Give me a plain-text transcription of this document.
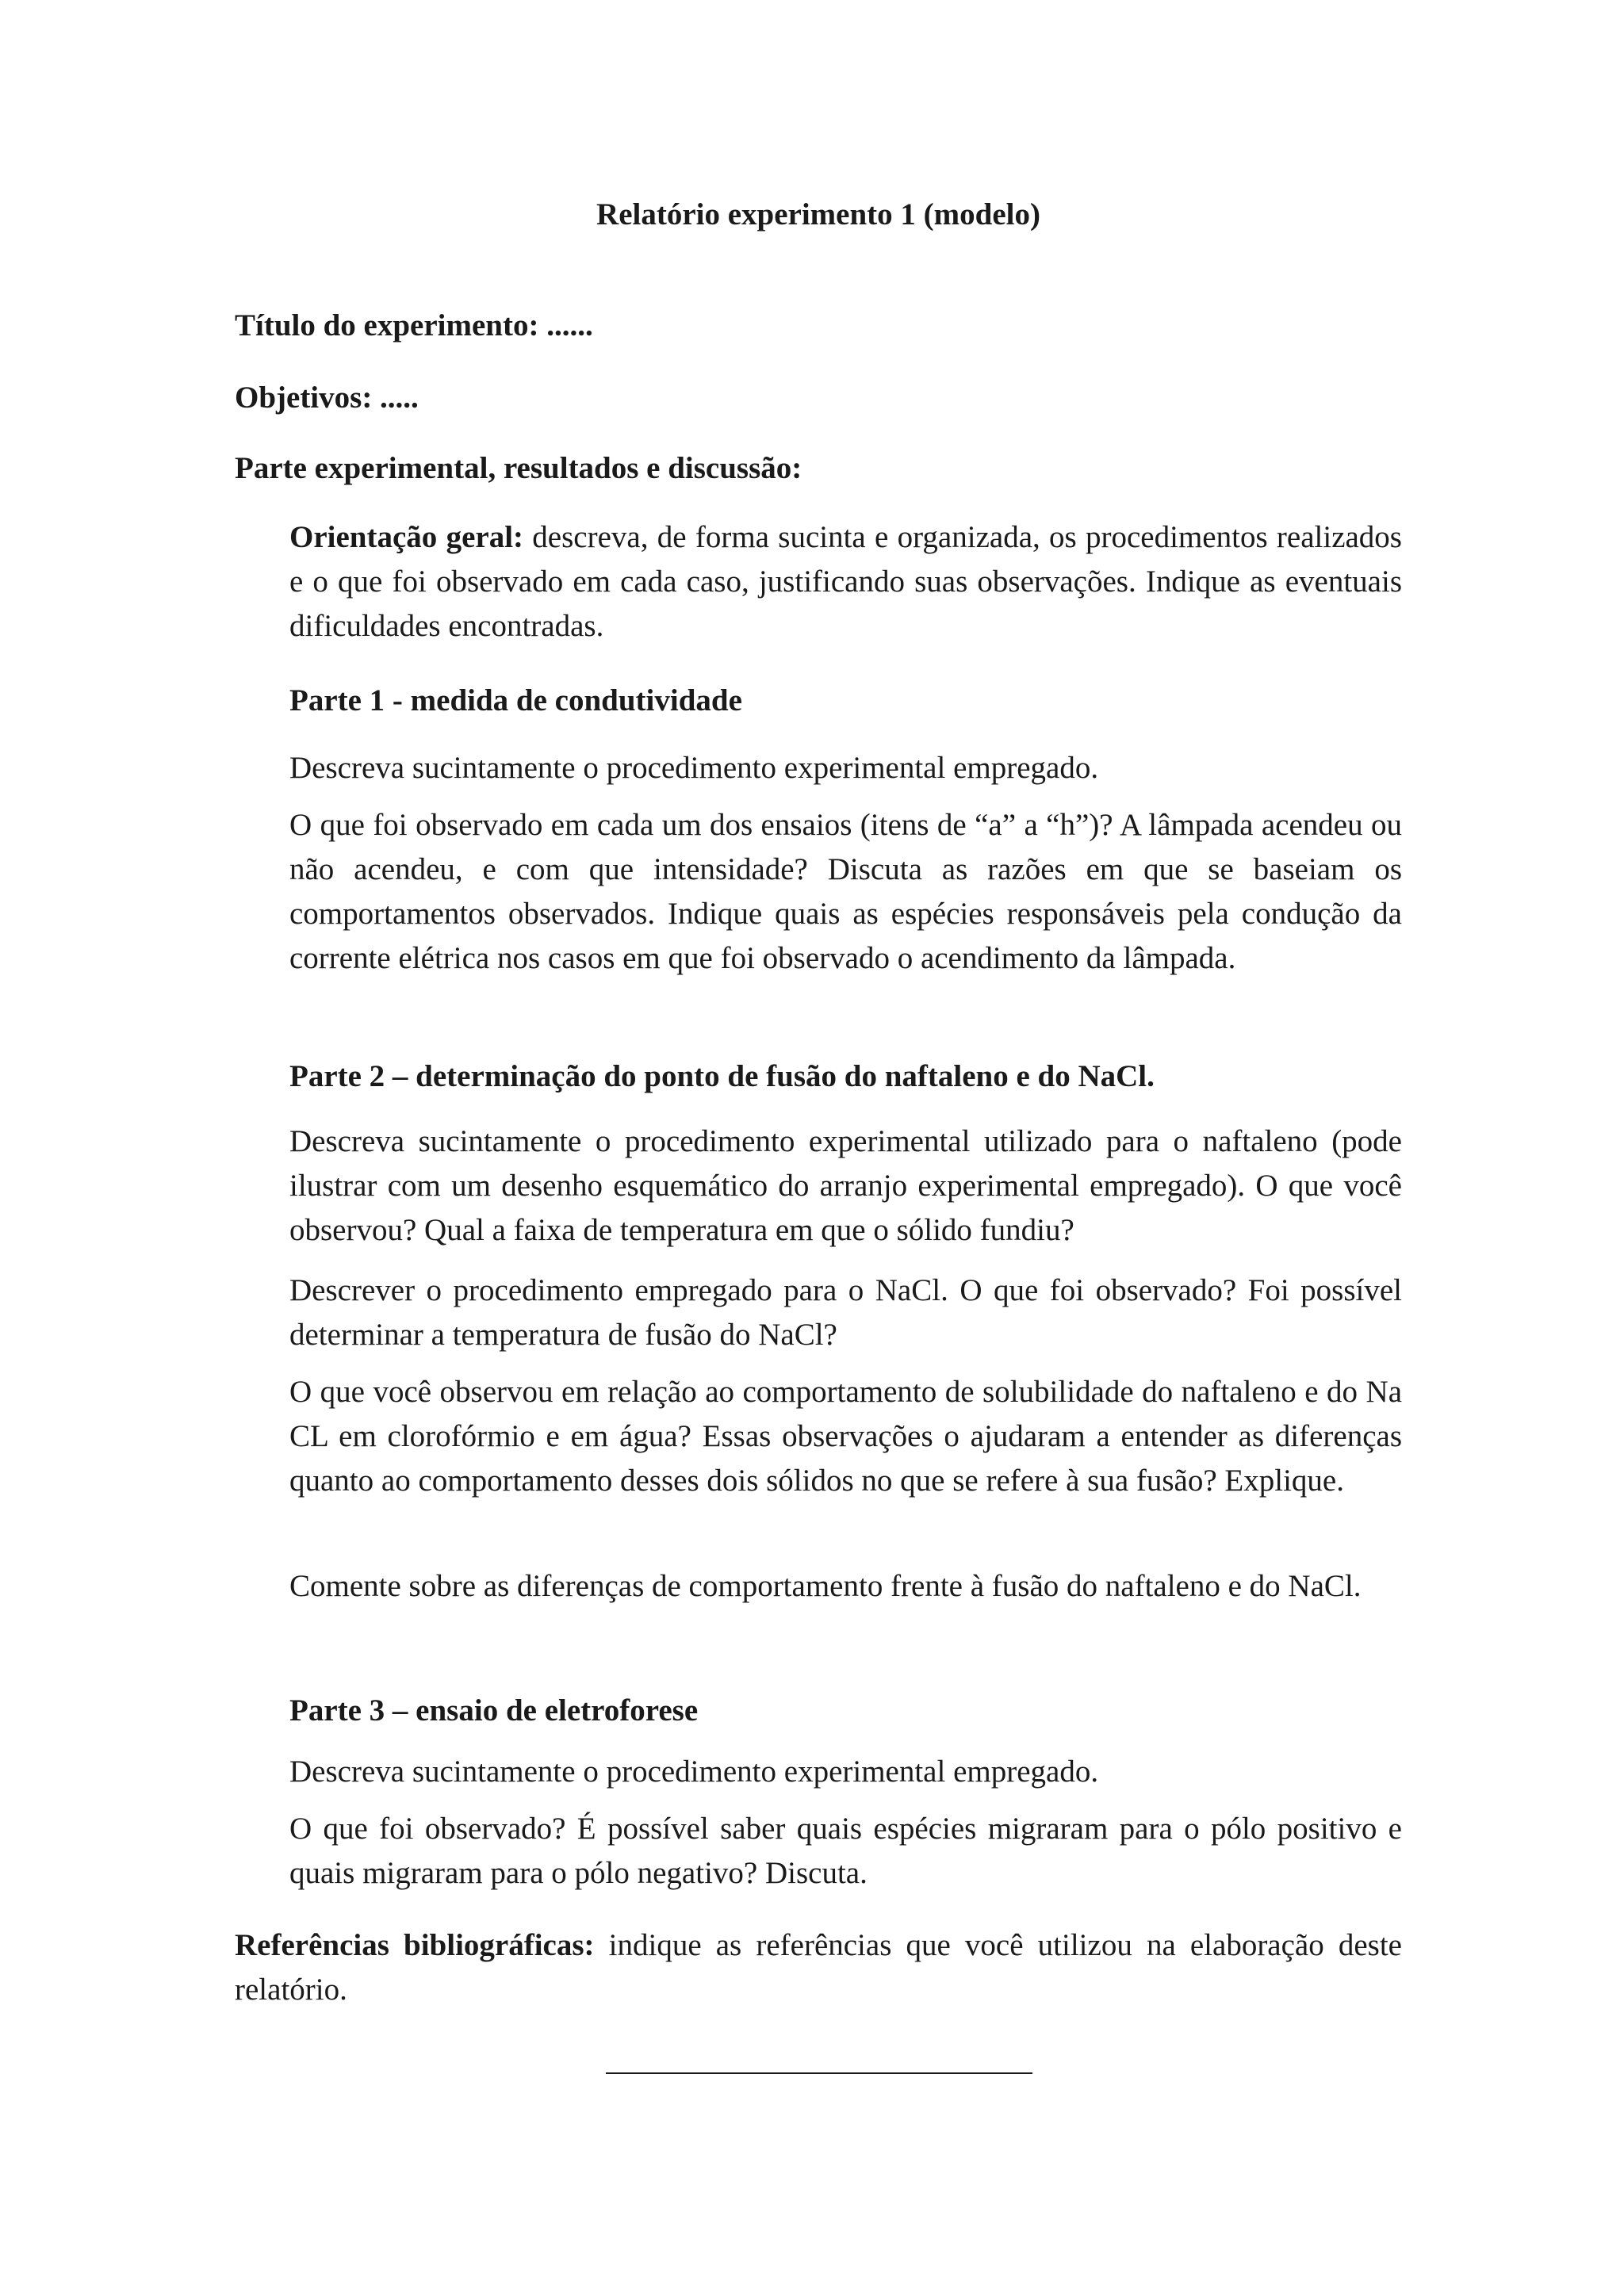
Relatório experimento 1 (modelo)

Título do experimento: ......

Objetivos: .....

Parte experimental, resultados e discussão:

Orientação geral: descreva, de forma sucinta e organizada, os procedimentos realizados e o que foi observado em cada caso, justificando suas observações. Indique as eventuais dificuldades encontradas.

Parte 1 - medida de condutividade

Descreva sucintamente o procedimento experimental empregado.

O que foi observado em cada um dos ensaios (itens de “a” a “h”)? A lâmpada acendeu ou não acendeu, e com que intensidade? Discuta as razões em que se baseiam os comportamentos observados. Indique quais as espécies responsáveis pela condução da corrente elétrica nos casos em que foi observado o acendimento da lâmpada.

Parte 2 – determinação do ponto de fusão do naftaleno e do NaCl.

Descreva sucintamente o procedimento experimental utilizado para o naftaleno (pode ilustrar com um desenho esquemático do arranjo experimental empregado). O que você observou? Qual a faixa de temperatura em que o sólido fundiu?

Descrever o procedimento empregado para o NaCl. O que foi observado? Foi possível determinar a temperatura de fusão do NaCl?

O que você observou em relação ao comportamento de solubilidade do naftaleno e do Na CL em clorofórmio e em água? Essas observações o ajudaram a entender as diferenças quanto ao comportamento desses dois sólidos no que se refere à sua fusão? Explique.

Comente sobre as diferenças de comportamento frente à fusão do naftaleno e do NaCl.

Parte 3 – ensaio de eletroforese

Descreva sucintamente o procedimento experimental empregado.

O que foi observado? É possível saber quais espécies migraram para o pólo positivo e quais migraram para o pólo negativo? Discuta.

Referências bibliográficas: indique as referências que você utilizou na elaboração deste relatório.
